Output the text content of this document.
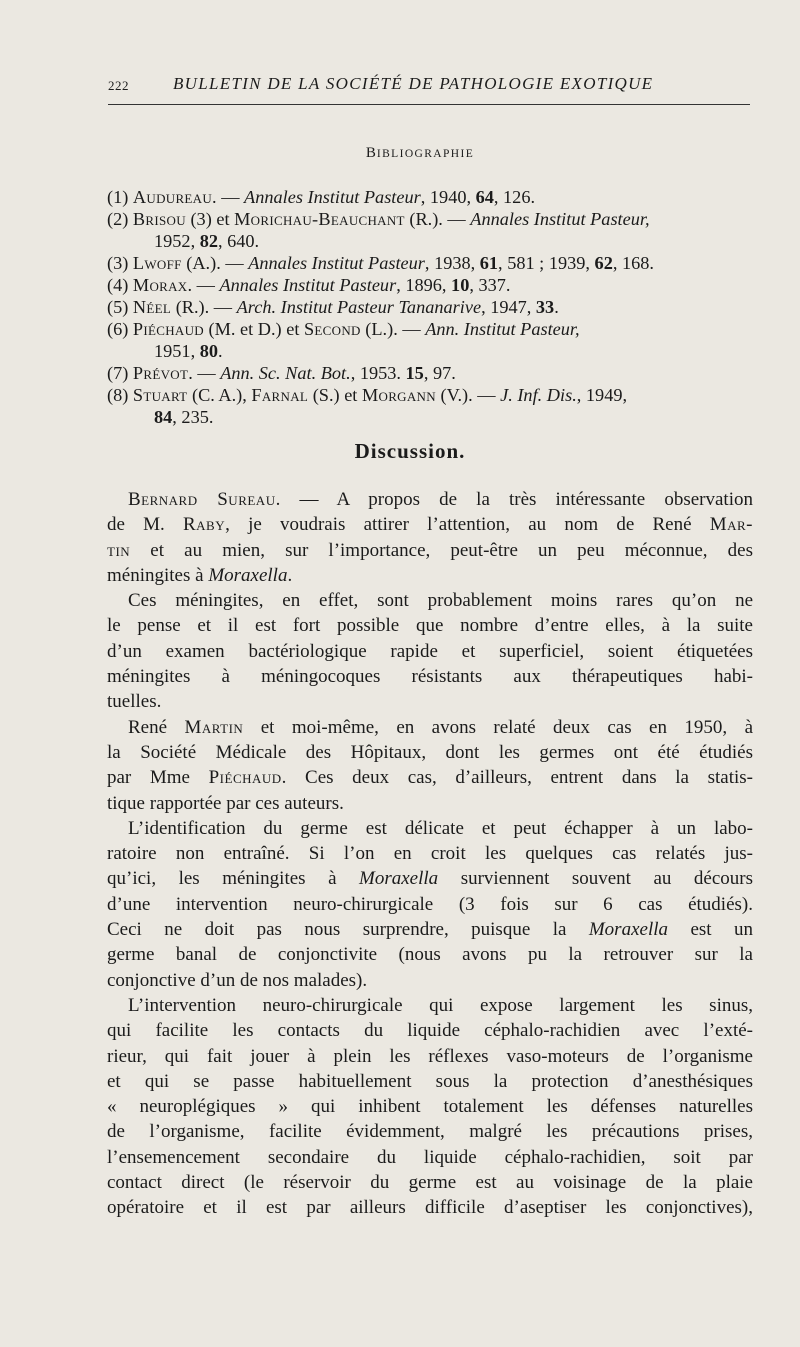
222	BULLETIN DE LA SOCIÉTÉ DE PATHOLOGIE EXOTIQUE
BIBLIOGRAPHIE
(1) Audureau. — Annales Institut Pasteur, 1940, 64, 126.
(2) Brisou (3) et Morichau-Beauchant (R.). — Annales Institut Pasteur,
1952, 82, 640.
(3) Lwoff (A.). — Annales Institut Pasteur, 1938, 61, 581 ; 1939, 62, 168.
(4) Morax. — Annales Institut Pasteur, 1896, 10, 337.
(5) Néel (R.). — Arch. Institut Pasteur Tananarive, 1947, 33.
(6) Piéchaud (M. et D.) et Second (L.). — Ann. Institut Pasteur,
1951, 80.
(7) Prévot. — Ann. Sc. Nat. Bot., 1953. 15, 97.
(8) Stuart (C. A.), Farnal (S.) et Morgann (V.). — J. Inf. Dis., 1949,
84, 235.
Discussion.
Bernard Sureau. — A propos de la très intéressante observation
de M. Raby, je voudrais attirer l’attention, au nom de René Mar-
tin et au mien, sur l’importance, peut-être un peu méconnue, des
méningites à Moraxella.
Ces méningites, en effet, sont probablement moins rares qu’on ne
le pense et il est fort possible que nombre d’entre elles, à la suite
d’un examen bactériologique rapide et superficiel, soient étiquetées
méningites à méningocoques résistants aux thérapeutiques habi-
tuelles.
René Martin et moi-même, en avons relaté deux cas en 1950, à
la Société Médicale des Hôpitaux, dont les germes ont été étudiés
par Mme Piéchaud. Ces deux cas, d’ailleurs, entrent dans la statis-
tique rapportée par ces auteurs.
L’identification du germe est délicate et peut échapper à un labo-
ratoire non entraîné. Si l’on en croit les quelques cas relatés jus-
qu’ici, les méningites à Moraxella surviennent souvent au décours
d’une intervention neuro-chirurgicale (3 fois sur 6 cas étudiés).
Ceci ne doit pas nous surprendre, puisque la Moraxella est un
germe banal de conjonctivite (nous avons pu la retrouver sur la
conjonctive d’un de nos malades).
L’intervention neuro-chirurgicale qui expose largement les sinus,
qui facilite les contacts du liquide céphalo-rachidien avec l’exté-
rieur, qui fait jouer à plein les réflexes vaso-moteurs de l’organisme
et qui se passe habituellement sous la protection d’anesthésiques
« neuroplégiques » qui inhibent totalement les défenses naturelles
de l’organisme, facilite évidemment, malgré les précautions prises,
l’ensemencement secondaire du liquide céphalo-rachidien, soit par
contact direct (le réservoir du germe est au voisinage de la plaie
opératoire et il est par ailleurs difficile d’aseptiser les conjonctives),
